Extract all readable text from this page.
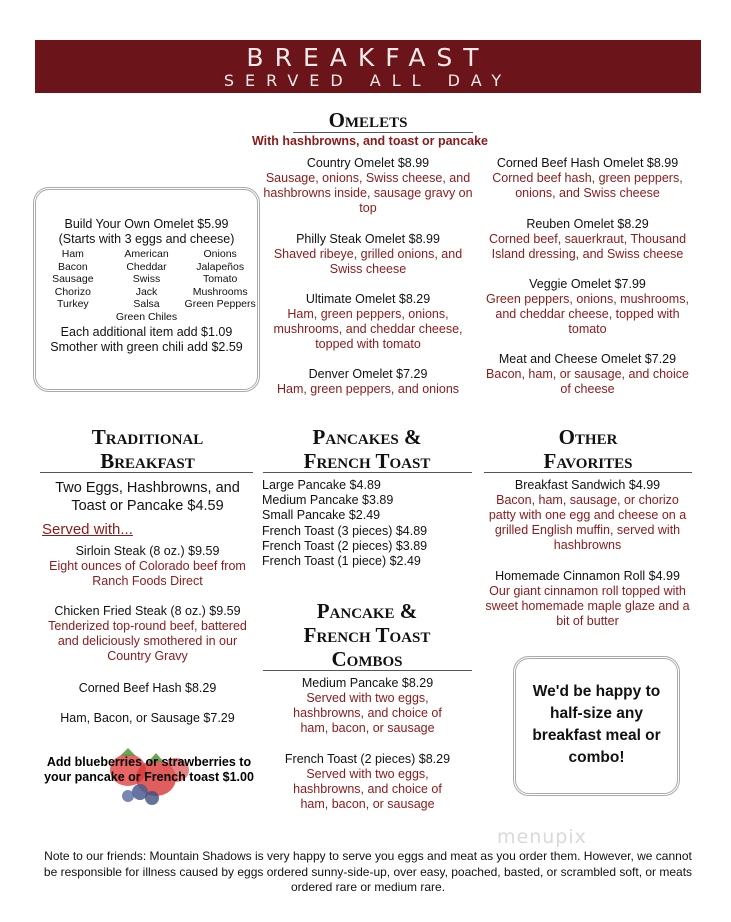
BREAKFAST
SERVED ALL DAY
Omelets
With hashbrowns, and toast or pancake
Build Your Own Omelet $5.99
(Starts with 3 eggs and cheese)
Ham	American	Onions
Bacon	Cheddar	Jalapeños
Sausage	Swiss	Tomato
Chorizo	Jack	Mushrooms
Turkey	Salsa	Green Peppers
Green Chiles
Each additional item add $1.09
Smother with green chili add $2.59
Country Omelet $8.99
Sausage, onions, Swiss cheese, and hashbrowns inside, sausage gravy on top
Philly Steak Omelet $8.99
Shaved ribeye, grilled onions, and Swiss cheese
Ultimate Omelet $8.29
Ham, green peppers, onions, mushrooms, and cheddar cheese, topped with tomato
Denver Omelet $7.29
Ham, green peppers, and onions
Corned Beef Hash Omelet $8.99
Corned beef hash, green peppers, onions, and Swiss cheese
Reuben Omelet $8.29
Corned beef, sauerkraut, Thousand Island dressing, and Swiss cheese
Veggie Omelet $7.99
Green peppers, onions, mushrooms, and cheddar cheese, topped with tomato
Meat and Cheese Omelet $7.29
Bacon, ham, or sausage, and choice of cheese
Traditional
Breakfast
Two Eggs, Hashbrowns, and
Toast or Pancake $4.59
Served with...
Sirloin Steak (8 oz.) $9.59
Eight ounces of Colorado beef from Ranch Foods Direct
Chicken Fried Steak (8 oz.) $9.59
Tenderized top-round beef, battered and deliciously smothered in our Country Gravy
Corned Beef Hash $8.29
Ham, Bacon, or Sausage $7.29
Add blueberries or strawberries to
your pancake or French toast $1.00
Pancakes &
French Toast
Large Pancake $4.89
Medium Pancake $3.89
Small Pancake $2.49
French Toast (3 pieces) $4.89
French Toast (2 pieces) $3.89
French Toast (1 piece) $2.49
Pancake &
French Toast
Combos
Medium Pancake $8.29
Served with two eggs, hashbrowns, and choice of ham, bacon, or sausage
French Toast (2 pieces) $8.29
Served with two eggs, hashbrowns, and choice of ham, bacon, or sausage
Other
Favorites
Breakfast Sandwich $4.99
Bacon, ham, sausage, or chorizo patty with one egg and cheese on a grilled English muffin, served with hashbrowns
Homemade Cinnamon Roll $4.99
Our giant cinnamon roll topped with sweet homemade maple glaze and a bit of butter
We'd be happy to half-size any breakfast meal or combo!
menupix
Note to our friends: Mountain Shadows is very happy to serve you eggs and meat as you order them. However, we cannot be responsible for illness caused by eggs ordered sunny-side-up, over easy, poached, basted, or scrambled soft, or meats ordered rare or medium rare.
